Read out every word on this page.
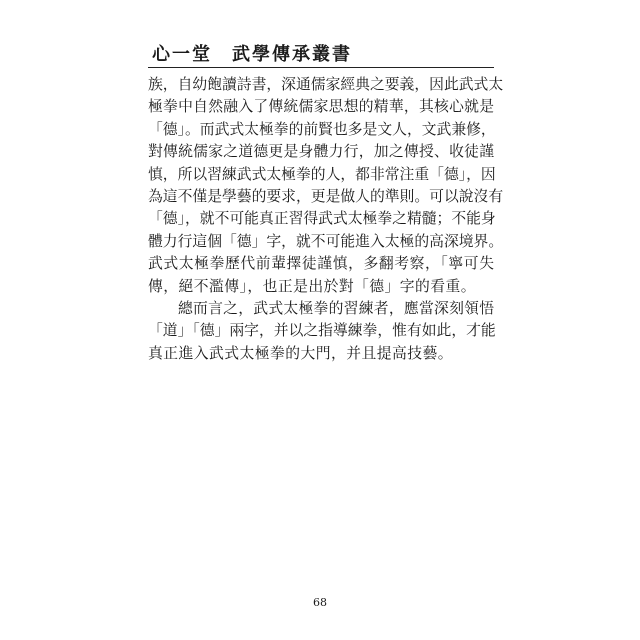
心一堂　武學傳承叢書
族，自幼飽讀詩書，深通儒家經典之要義，因此武式太
極拳中自然融入了傳統儒家思想的精華，其核心就是
「德」。而武式太極拳的前賢也多是文人，文武兼修，
對傳統儒家之道德更是身體力行，加之傳授、收徒謹
慎，所以習練武式太極拳的人，都非常注重「德」，因
為這不僅是學藝的要求，更是做人的準則。可以說沒有
「德」，就不可能真正習得武式太極拳之精髓；不能身
體力行這個「德」字，就不可能進入太極的高深境界。
武式太極拳歷代前輩擇徒謹慎，多翻考察，「寧可失
傳，絕不濫傳」，也正是出於對「德」字的看重。
總而言之，武式太極拳的習練者，應當深刻領悟
「道」「德」兩字，并以之指導練拳，惟有如此，才能
真正進入武式太極拳的大門，并且提高技藝。
68
